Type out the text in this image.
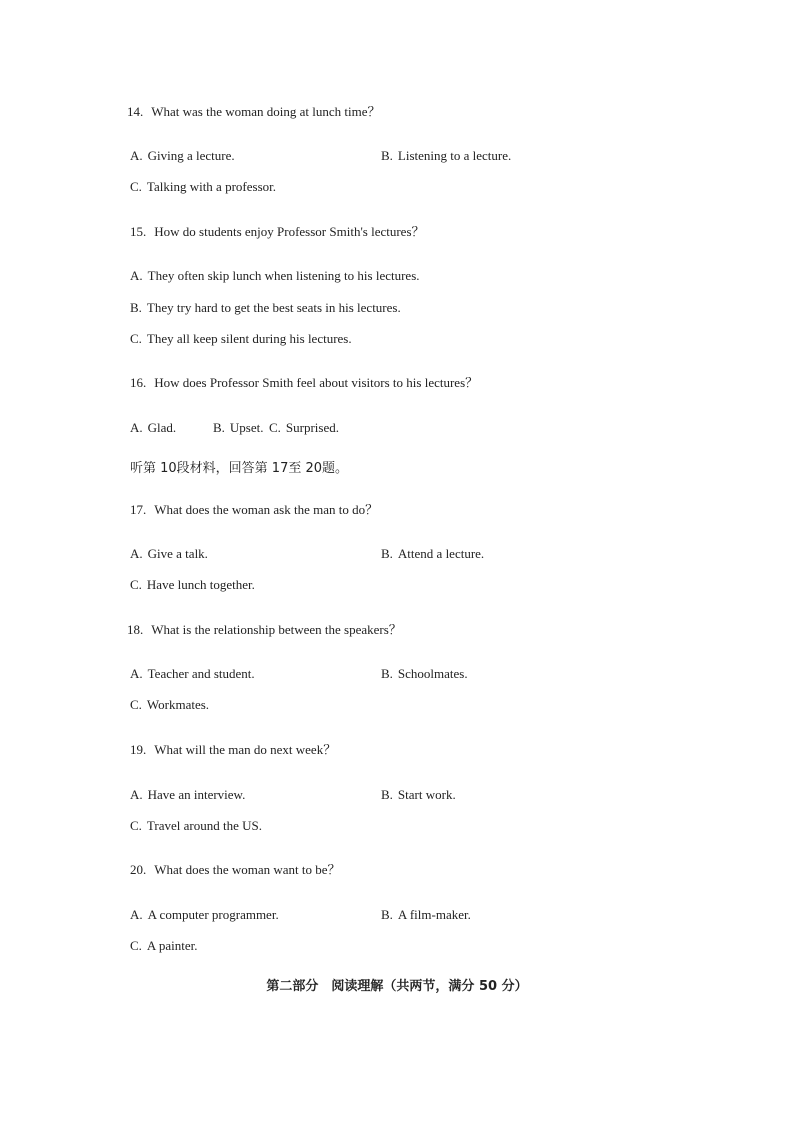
14. What was the woman doing at lunch time？
A. Giving a lecture.	B. Listening to a lecture.
C. Talking with a professor.
15. How do students enjoy Professor Smith's lectures？
A. They often skip lunch when listening to his lectures.
B. They try hard to get the best seats in his lectures.
C. They all keep silent during his lectures.
16. How does Professor Smith feel about visitors to his lectures？
A. Glad.	B. Upset. C. Surprised.
听第 10段材料，回答第 17至 20题。
17. What does the woman ask the man to do？
A. Give a talk.	B. Attend a lecture.
C. Have lunch together.
18. What is the relationship between the speakers？
A. Teacher and student.	B. Schoolmates.
C. Workmates.
19. What will the man do next week？
A. Have an interview.	B. Start work.
C. Travel around the US.
20. What does the woman want to be？
A. A computer programmer.	B. A film-maker.
C. A painter.
第二部分　阅读理解（共两节，满分 50 分）
